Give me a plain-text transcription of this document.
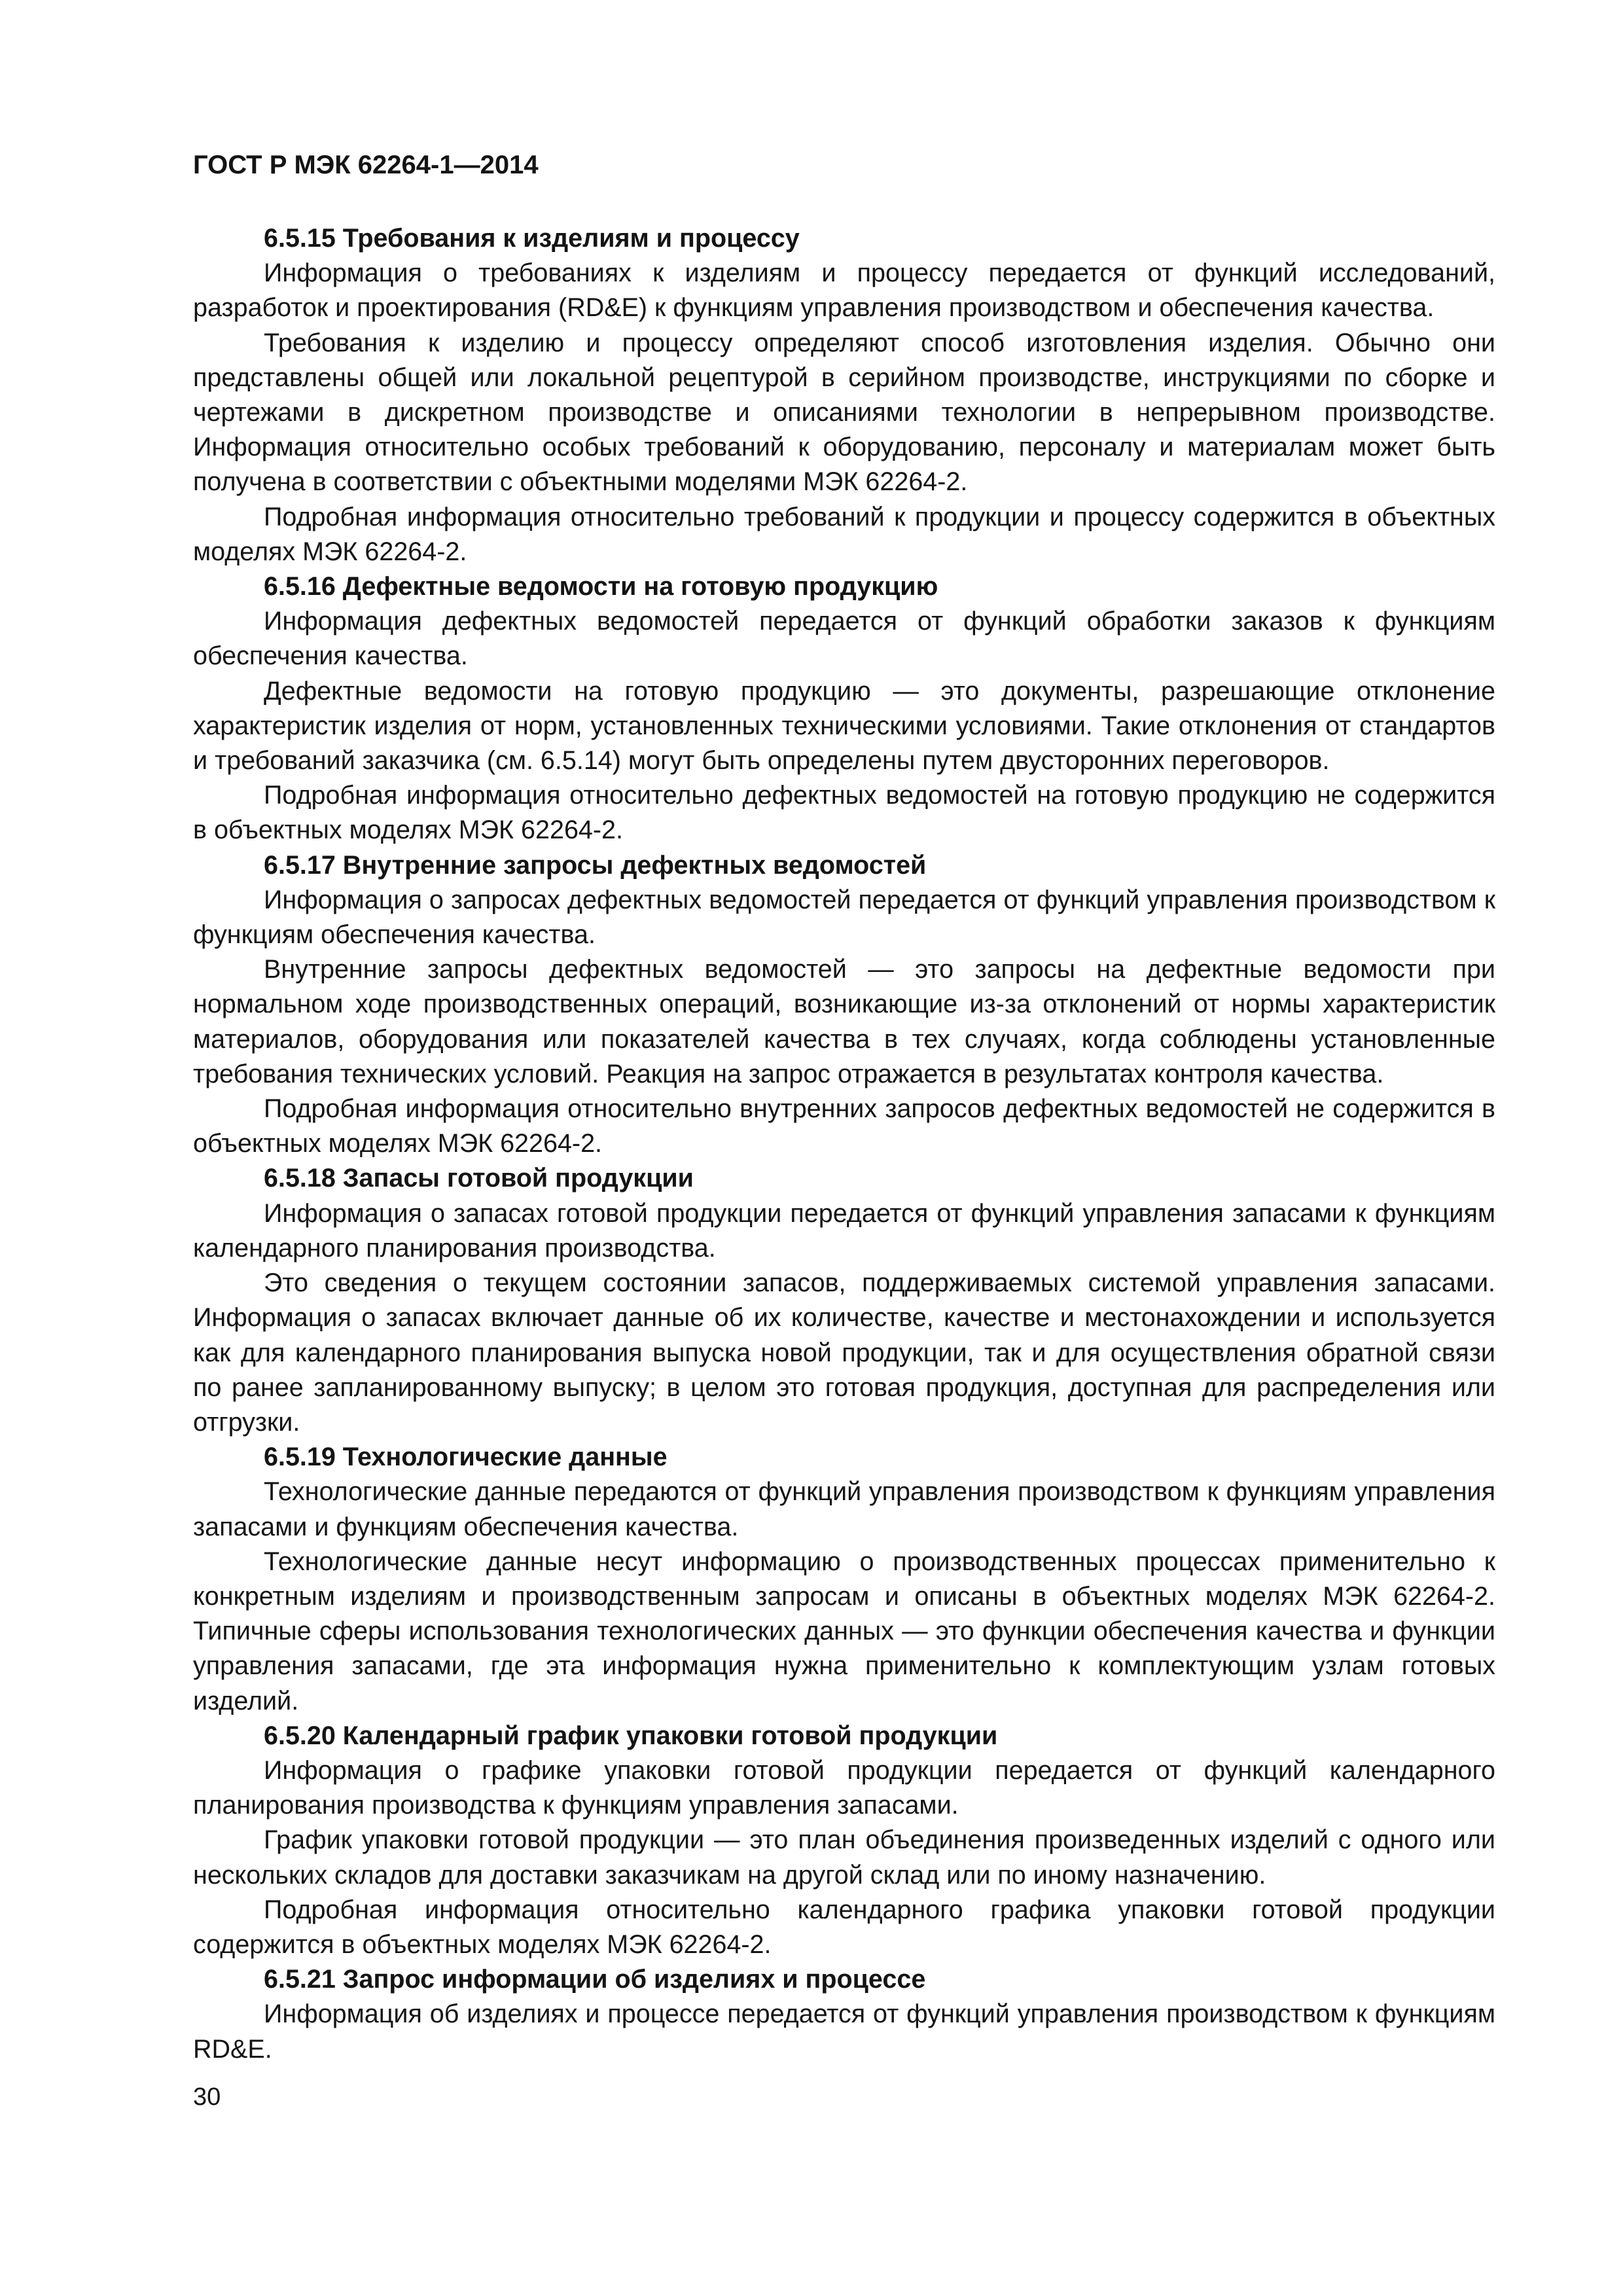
ГОСТ Р МЭК 62264-1—2014

6.5.15 Требования к изделиям и процессу

Информация о требованиях к изделиям и процессу передается от функций исследований, разработок и проектирования (RD&E) к функциям управления производством и обеспечения качества.

Требования к изделию и процессу определяют способ изготовления изделия. Обычно они представлены общей или локальной рецептурой в серийном производстве, инструкциями по сборке и чертежами в дискретном производстве и описаниями технологии в непрерывном производстве. Информация относительно особых требований к оборудованию, персоналу и материалам может быть получена в соответствии с объектными моделями МЭК 62264-2.

Подробная информация относительно требований к продукции и процессу содержится в объектных моделях МЭК 62264-2.

6.5.16 Дефектные ведомости на готовую продукцию

Информация дефектных ведомостей передается от функций обработки заказов к функциям обеспечения качества.

Дефектные ведомости на готовую продукцию — это документы, разрешающие отклонение характеристик изделия от норм, установленных техническими условиями. Такие отклонения от стандартов и требований заказчика (см. 6.5.14) могут быть определены путем двусторонних переговоров.

Подробная информация относительно дефектных ведомостей на готовую продукцию не содержится в объектных моделях МЭК 62264-2.

6.5.17 Внутренние запросы дефектных ведомостей

Информация о запросах дефектных ведомостей передается от функций управления производством к функциям обеспечения качества.

Внутренние запросы дефектных ведомостей — это запросы на дефектные ведомости при нормальном ходе производственных операций, возникающие из-за отклонений от нормы характеристик материалов, оборудования или показателей качества в тех случаях, когда соблюдены установленные требования технических условий. Реакция на запрос отражается в результатах контроля качества.

Подробная информация относительно внутренних запросов дефектных ведомостей не содержится в объектных моделях МЭК 62264-2.

6.5.18 Запасы готовой продукции

Информация о запасах готовой продукции передается от функций управления запасами к функциям календарного планирования производства.

Это сведения о текущем состоянии запасов, поддерживаемых системой управления запасами. Информация о запасах включает данные об их количестве, качестве и местонахождении и используется как для календарного планирования выпуска новой продукции, так и для осуществления обратной связи по ранее запланированному выпуску; в целом это готовая продукция, доступная для распределения или отгрузки.

6.5.19 Технологические данные

Технологические данные передаются от функций управления производством к функциям управления запасами и функциям обеспечения качества.

Технологические данные несут информацию о производственных процессах применительно к конкретным изделиям и производственным запросам и описаны в объектных моделях МЭК 62264-2. Типичные сферы использования технологических данных — это функции обеспечения качества и функции управления запасами, где эта информация нужна применительно к комплектующим узлам готовых изделий.

6.5.20 Календарный график упаковки готовой продукции

Информация о графике упаковки готовой продукции передается от функций календарного планирования производства к функциям управления запасами.

График упаковки готовой продукции — это план объединения произведенных изделий с одного или нескольких складов для доставки заказчикам на другой склад или по иному назначению.

Подробная информация относительно календарного графика упаковки готовой продукции содержится в объектных моделях МЭК 62264-2.

6.5.21 Запрос информации об изделиях и процессе

Информация об изделиях и процессе передается от функций управления производством к функциям RD&E.

30
